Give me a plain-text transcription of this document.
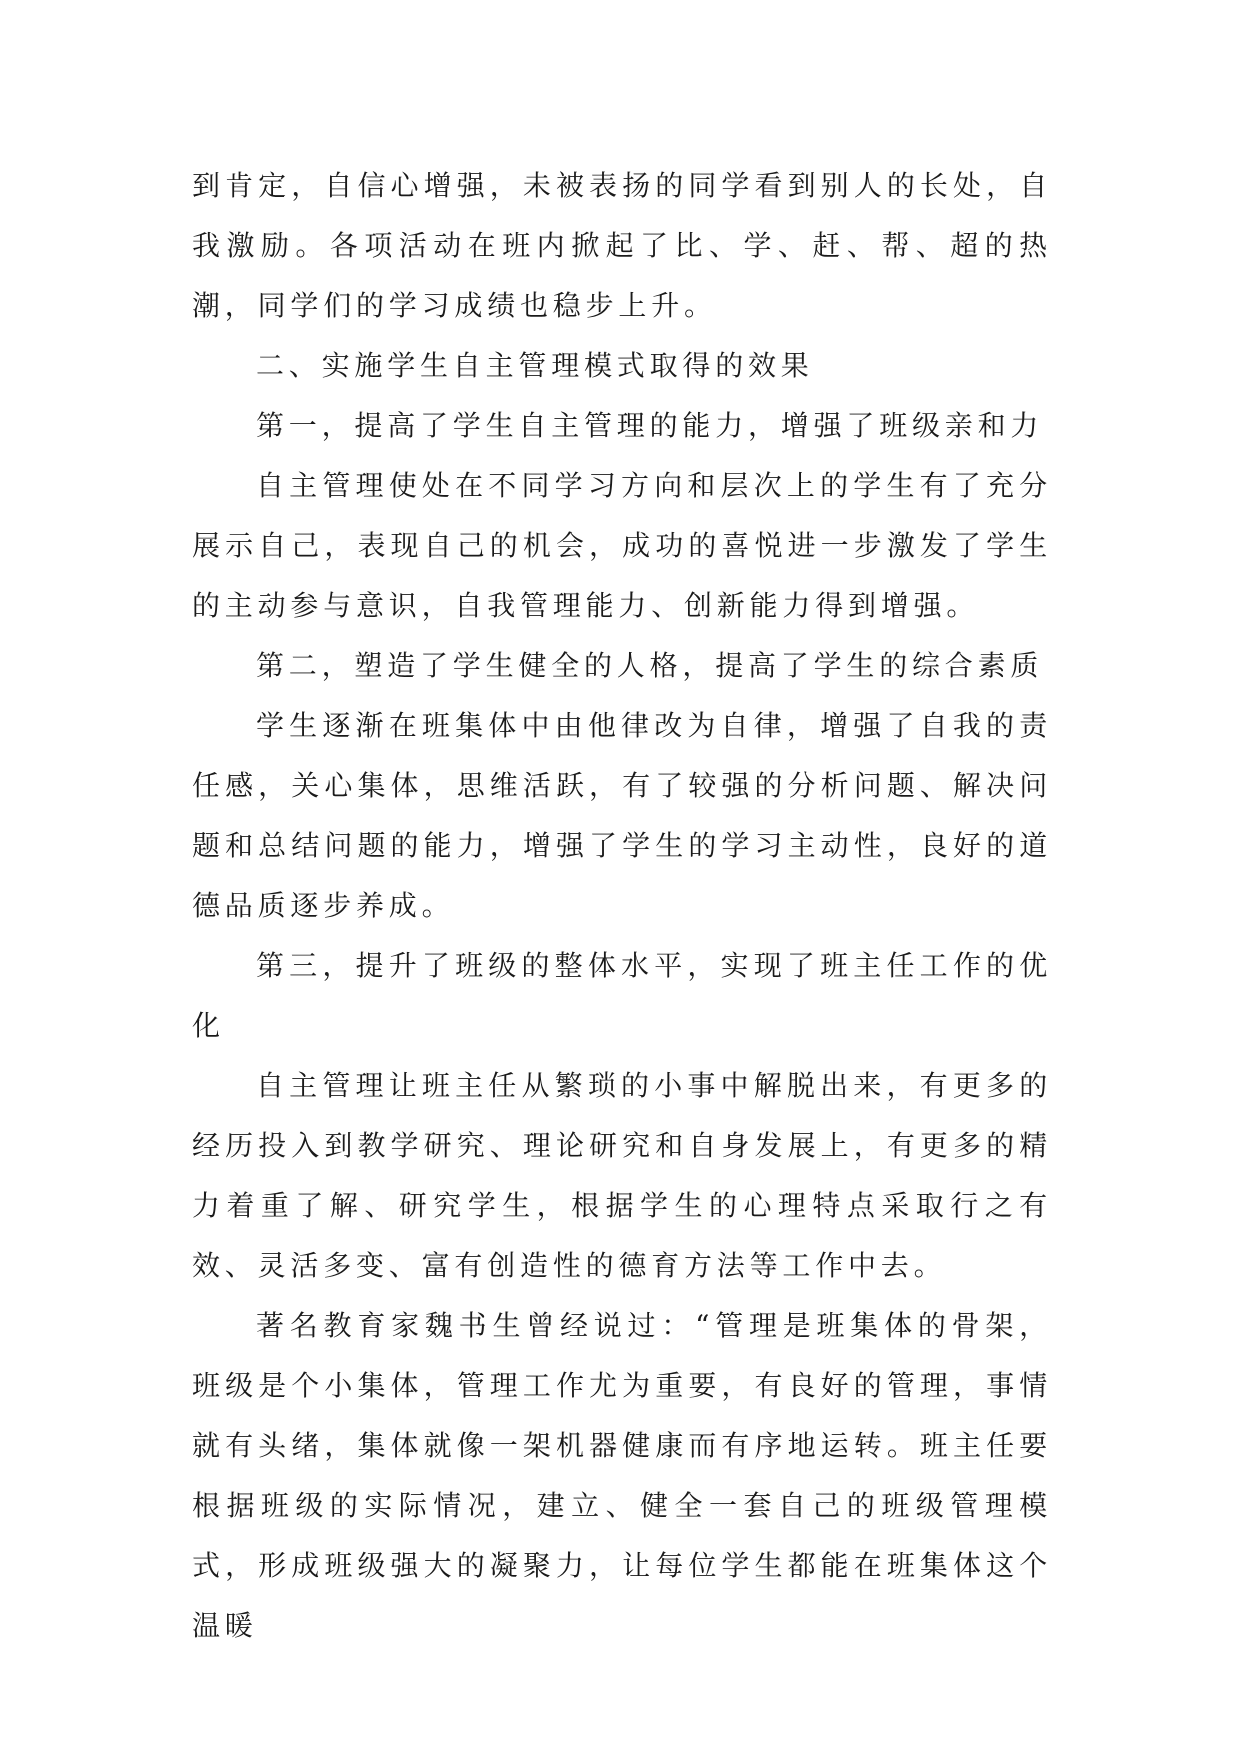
到肯定，自信心增强，未被表扬的同学看到别人的长处，自我激励。各项活动在班内掀起了比、学、赶、帮、超的热潮，同学们的学习成绩也稳步上升。

二、实施学生自主管理模式取得的效果

第一，提高了学生自主管理的能力，增强了班级亲和力

自主管理使处在不同学习方向和层次上的学生有了充分展示自己，表现自己的机会，成功的喜悦进一步激发了学生的主动参与意识，自我管理能力、创新能力得到增强。

第二，塑造了学生健全的人格，提高了学生的综合素质

学生逐渐在班集体中由他律改为自律，增强了自我的责任感，关心集体，思维活跃，有了较强的分析问题、解决问题和总结问题的能力，增强了学生的学习主动性，良好的道德品质逐步养成。

第三，提升了班级的整体水平，实现了班主任工作的优化

自主管理让班主任从繁琐的小事中解脱出来，有更多的经历投入到教学研究、理论研究和自身发展上，有更多的精力着重了解、研究学生，根据学生的心理特点采取行之有效、灵活多变、富有创造性的德育方法等工作中去。

著名教育家魏书生曾经说过：“管理是班集体的骨架，班级是个小集体，管理工作尤为重要，有良好的管理，事情就有头绪，集体就像一架机器健康而有序地运转。班主任要根据班级的实际情况，建立、健全一套自己的班级管理模式，形成班级强大的凝聚力，让每位学生都能在班集体这个温暖
